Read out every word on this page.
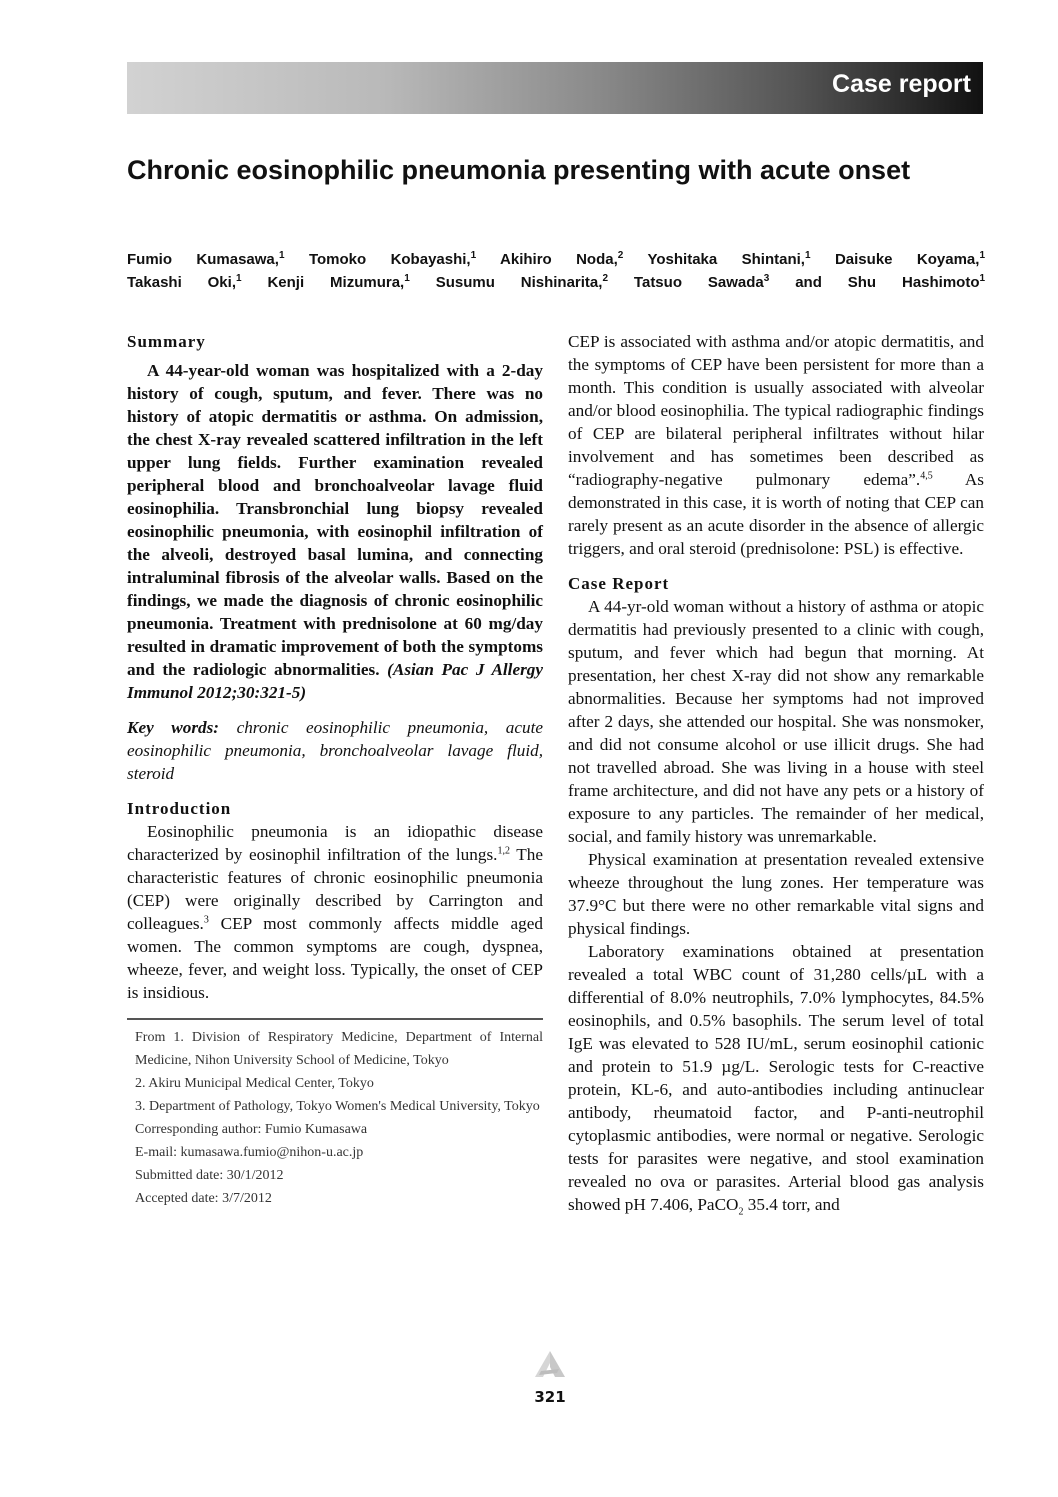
Case report
Chronic eosinophilic pneumonia presenting with acute onset
Fumio Kumasawa,$^1$ Tomoko Kobayashi,$^1$ Akihiro Noda,$^2$ Yoshitaka Shintani,$^1$ Daisuke Koyama,$^1$
Takashi Oki,$^1$ Kenji Mizumura,$^1$ Susumu Nishinarita,$^2$ Tatsuo Sawada$^3$ and Shu Hashimoto$^1$
Summary

A 44-year-old woman was hospitalized with a 2-day history of cough, sputum, and fever. There was no history of atopic dermatitis or asthma. On admission, the chest X-ray revealed scattered infiltration in the left upper lung fields. Further examination revealed peripheral blood and bronchoalveolar lavage fluid eosinophilia. Transbronchial lung biopsy revealed eosinophilic pneumonia, with eosinophil infiltration of the alveoli, destroyed basal lumina, and connecting intraluminal fibrosis of the alveolar walls. Based on the findings, we made the diagnosis of chronic eosinophilic pneumonia. Treatment with prednisolone at 60 mg/day resulted in dramatic improvement of both the symptoms and the radiologic abnormalities. (Asian Pac J Allergy Immunol 2012;30:321-5)

Key words: chronic eosinophilic pneumonia, acute eosinophilic pneumonia, bronchoalveolar lavage fluid, steroid

Introduction

Eosinophilic pneumonia is an idiopathic disease characterized by eosinophil infiltration of the lungs.$^{1,2}$ The characteristic features of chronic eosinophilic pneumonia (CEP) were originally described by Carrington and colleagues.$^3$ CEP most commonly affects middle aged women. The common symptoms are cough, dyspnea, wheeze, fever, and weight loss. Typically, the onset of CEP is insidious.

From 1. Division of Respiratory Medicine, Department of Internal Medicine, Nihon University School of Medicine, Tokyo
2. Akiru Municipal Medical Center, Tokyo
3. Department of Pathology, Tokyo Women's Medical University, Tokyo
Corresponding author: Fumio Kumasawa
E-mail: kumasawa.fumio@nihon-u.ac.jp
Submitted date: 30/1/2012
Accepted date: 3/7/2012

CEP is associated with asthma and/or atopic dermatitis, and the symptoms of CEP have been persistent for more than a month. This condition is usually associated with alveolar and/or blood eosinophilia. The typical radiographic findings of CEP are bilateral peripheral infiltrates without hilar involvement and has sometimes been described as “radiography-negative pulmonary edema”.$^{4,5}$ As demonstrated in this case, it is worth of noting that CEP can rarely present as an acute disorder in the absence of allergic triggers, and oral steroid (prednisolone: PSL) is effective.

Case Report

A 44-yr-old woman without a history of asthma or atopic dermatitis had previously presented to a clinic with cough, sputum, and fever which had begun that morning. At presentation, her chest X-ray did not show any remarkable abnormalities. Because her symptoms had not improved after 2 days, she attended our hospital. She was nonsmoker, and did not consume alcohol or use illicit drugs. She had not travelled abroad. She was living in a house with steel frame architecture, and did not have any pets or a history of exposure to any particles. The remainder of her medical, social, and family history was unremarkable.

Physical examination at presentation revealed extensive wheeze throughout the lung zones. Her temperature was 37.9°C but there were no other remarkable vital signs and physical findings.

Laboratory examinations obtained at presentation revealed a total WBC count of 31,280 cells/µL with a differential of 8.0% neutrophils, 7.0% lymphocytes, 84.5% eosinophils, and 0.5% basophils. The serum level of total IgE was elevated to 528 IU/mL, serum eosinophil cationic and protein to 51.9 µg/L. Serologic tests for C-reactive protein, KL-6, and auto-antibodies including antinuclear antibody, rheumatoid factor, and P-anti-neutrophil cytoplasmic antibodies, were normal or negative. Serologic tests for parasites were negative, and stool examination revealed no ova or parasites. Arterial blood gas analysis showed pH 7.406, PaCO$_2$ 35.4 torr, and

321
